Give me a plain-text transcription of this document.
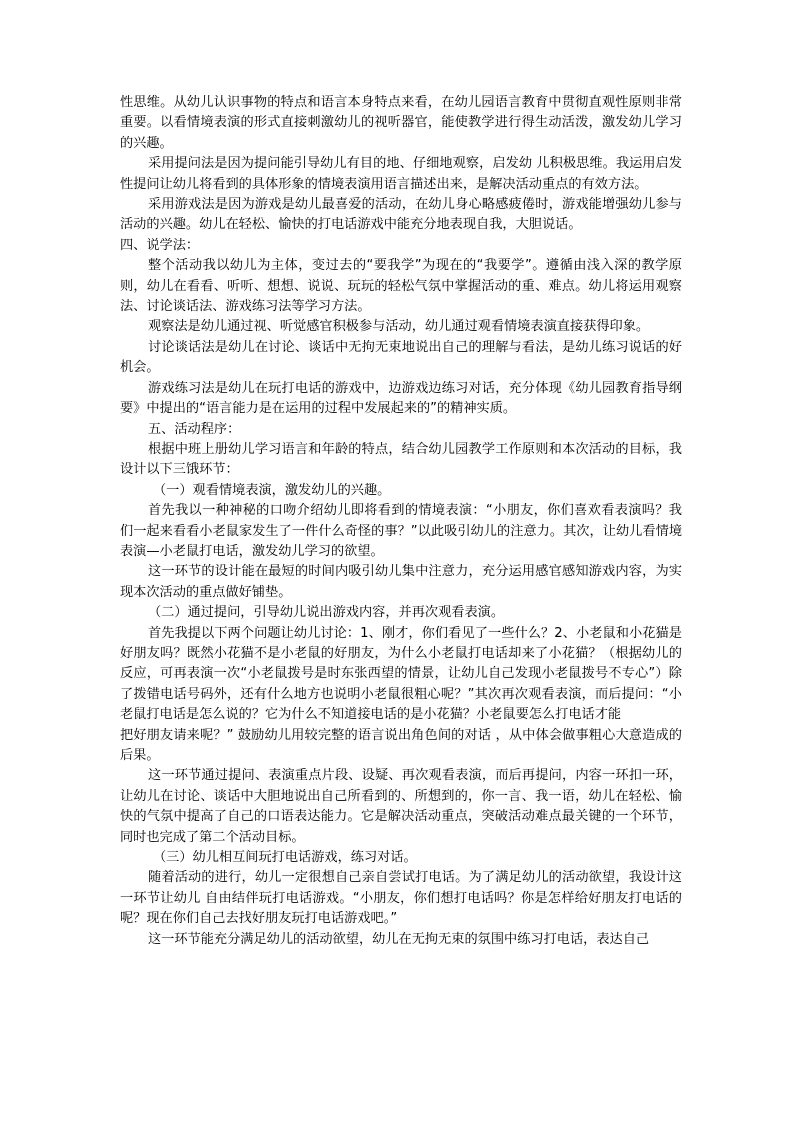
性思维。从幼儿认识事物的特点和语言本身特点来看，在幼儿园语言教育中贯彻直观性原则非常重要。以看情境表演的形式直接刺激幼儿的视听器官，能使教学进行得生动活泼，激发幼儿学习的兴趣。

采用提问法是因为提问能引导幼儿有目的地、仔细地观察，启发幼 儿积极思维。我运用启发性提问让幼儿将看到的具体形象的情境表演用语言描述出来，是解决活动重点的有效方法。

采用游戏法是因为游戏是幼儿最喜爱的活动，在幼儿身心略感疲倦时，游戏能增强幼儿参与活动的兴趣。幼儿在轻松、愉快的打电话游戏中能充分地表现自我，大胆说话。

四、说学法：

整个活动我以幼儿为主体，变过去的“要我学”为现在的“我要学”。遵循由浅入深的教学原则，幼儿在看看、听听、想想、说说、玩玩的轻松气氛中掌握活动的重、难点。幼儿将运用观察法、讨论谈话法、游戏练习法等学习方法。

观察法是幼儿通过视、听觉感官积极参与活动，幼儿通过观看情境表演直接获得印象。

讨论谈话法是幼儿在讨论、谈话中无拘无束地说出自己的理解与看法，是幼儿练习说话的好机会。

游戏练习法是幼儿在玩打电话的游戏中，边游戏边练习对话，充分体现《幼儿园教育指导纲要》中提出的“语言能力是在运用的过程中发展起来的”的精神实质。

五、活动程序：

根据中班上册幼儿学习语言和年龄的特点，结合幼儿园教学工作原则和本次活动的目标，我设计以下三饿环节：

（一）观看情境表演，激发幼儿的兴趣。

首先我以一种神秘的口吻介绍幼儿即将看到的情境表演：“小朋友，你们喜欢看表演吗？我们一起来看看小老鼠家发生了一件什么奇怪的事？”以此吸引幼儿的注意力。其次，让幼儿看情境表演—小老鼠打电话，激发幼儿学习的欲望。

这一环节的设计能在最短的时间内吸引幼儿集中注意力，充分运用感官感知游戏内容，为实现本次活动的重点做好铺垫。

（二）通过提问，引导幼儿说出游戏内容，并再次观看表演。

首先我提以下两个问题让幼儿讨论：1、刚才，你们看见了一些什么？2、小老鼠和小花猫是好朋友吗？既然小花猫不是小老鼠的好朋友，为什么小老鼠打电话却来了小花猫？（根据幼儿的反应，可再表演一次“小老鼠拨号是时东张西望的情景，让幼儿自己发现小老鼠拨号不专心”）除了拨错电话号码外，还有什么地方也说明小老鼠很粗心呢？”其次再次观看表演，而后提问：“小老鼠打电话是怎么说的？它为什么不知道接电话的是小花猫？小老鼠要怎么打电话才能

把好朋友请来呢？” 鼓励幼儿用较完整的语言说出角色间的对话 ，从中体会做事粗心大意造成的后果。

这一环节通过提问、表演重点片段、设疑、再次观看表演，而后再提问，内容一环扣一环，让幼儿在讨论、谈话中大胆地说出自己所看到的、所想到的，你一言、我一语，幼儿在轻松、愉快的气氛中提高了自己的口语表达能力。它是解决活动重点，突破活动难点最关键的一个环节，同时也完成了第二个活动目标。

（三）幼儿相互间玩打电话游戏，练习对话。

随着活动的进行，幼儿一定很想自己亲自尝试打电话。为了满足幼儿的活动欲望，我设计这一环节让幼儿 自由结伴玩打电话游戏。“小朋友，你们想打电话吗？你是怎样给好朋友打电话的呢？现在你们自己去找好朋友玩打电话游戏吧。”

这一环节能充分满足幼儿的活动欲望，幼儿在无拘无束的氛围中练习打电话，表达自己
